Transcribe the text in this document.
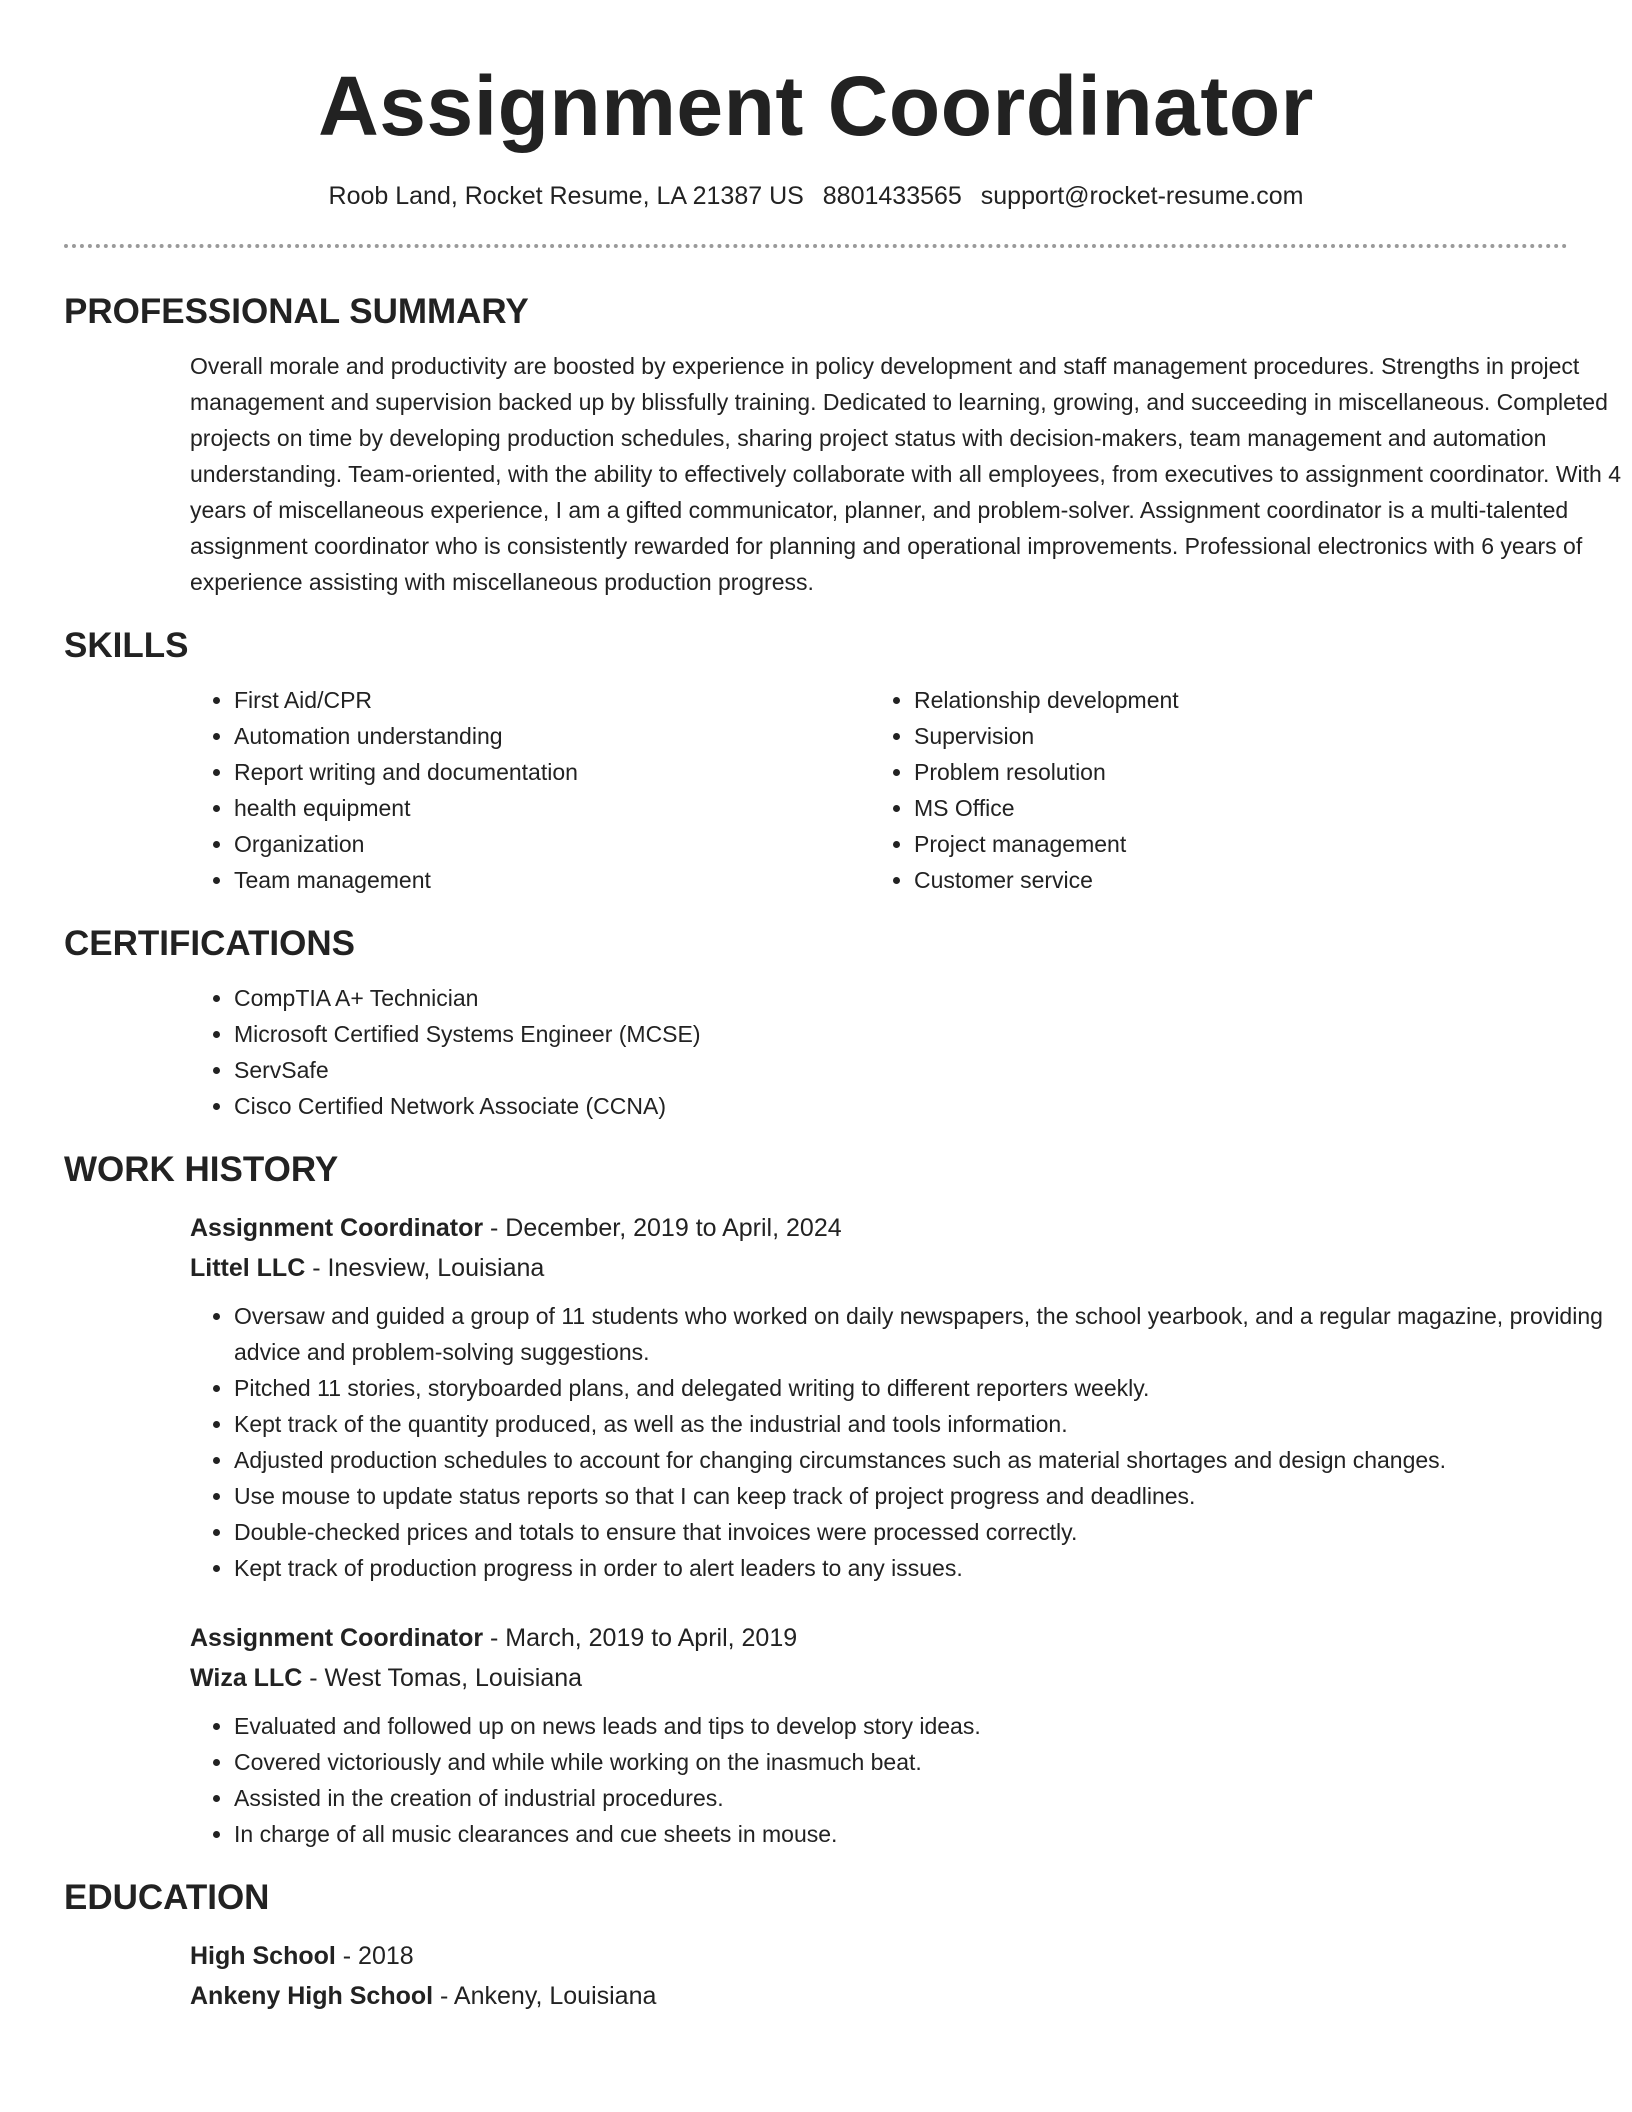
Assignment Coordinator
Roob Land, Rocket Resume, LA 21387 US 8801433565 support@rocket-resume.com
PROFESSIONAL SUMMARY
Overall morale and productivity are boosted by experience in policy development and staff management procedures. Strengths in project management and supervision backed up by blissfully training. Dedicated to learning, growing, and succeeding in miscellaneous. Completed projects on time by developing production schedules, sharing project status with decision-makers, team management and automation understanding. Team-oriented, with the ability to effectively collaborate with all employees, from executives to assignment coordinator. With 4 years of miscellaneous experience, I am a gifted communicator, planner, and problem-solver. Assignment coordinator is a multi-talented assignment coordinator who is consistently rewarded for planning and operational improvements. Professional electronics with 6 years of experience assisting with miscellaneous production progress.
SKILLS
• First Aid/CPR
• Automation understanding
• Report writing and documentation
• health equipment
• Organization
• Team management
• Relationship development
• Supervision
• Problem resolution
• MS Office
• Project management
• Customer service
CERTIFICATIONS
• CompTIA A+ Technician
• Microsoft Certified Systems Engineer (MCSE)
• ServSafe
• Cisco Certified Network Associate (CCNA)
WORK HISTORY
Assignment Coordinator - December, 2019 to April, 2024
Littel LLC - Inesview, Louisiana
• Oversaw and guided a group of 11 students who worked on daily newspapers, the school yearbook, and a regular magazine, providing advice and problem-solving suggestions.
• Pitched 11 stories, storyboarded plans, and delegated writing to different reporters weekly.
• Kept track of the quantity produced, as well as the industrial and tools information.
• Adjusted production schedules to account for changing circumstances such as material shortages and design changes.
• Use mouse to update status reports so that I can keep track of project progress and deadlines.
• Double-checked prices and totals to ensure that invoices were processed correctly.
• Kept track of production progress in order to alert leaders to any issues.
Assignment Coordinator - March, 2019 to April, 2019
Wiza LLC - West Tomas, Louisiana
• Evaluated and followed up on news leads and tips to develop story ideas.
• Covered victoriously and while while working on the inasmuch beat.
• Assisted in the creation of industrial procedures.
• In charge of all music clearances and cue sheets in mouse.
EDUCATION
High School - 2018
Ankeny High School - Ankeny, Louisiana
